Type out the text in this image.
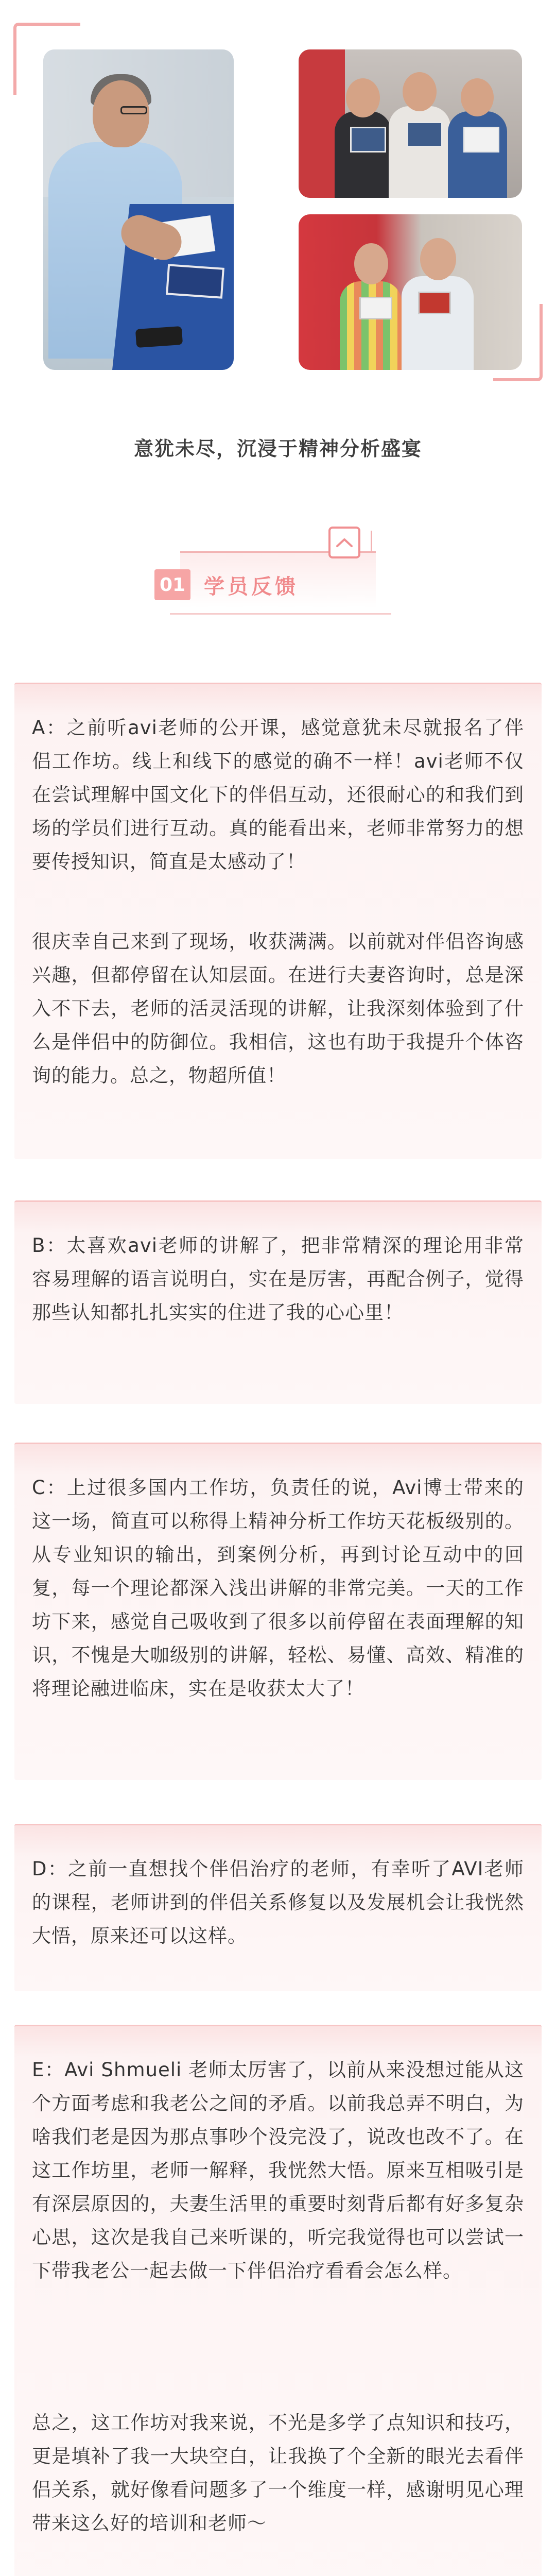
意犹未尽，沉浸于精神分析盛宴
01 学员反馈

A：之前听avi老师的公开课，感觉意犹未尽就报名了伴侣工作坊。线上和线下的感觉的确不一样！avi老师不仅在尝试理解中国文化下的伴侣互动，还很耐心的和我们到场的学员们进行互动。真的能看出来，老师非常努力的想要传授知识，简直是太感动了！

很庆幸自己来到了现场，收获满满。以前就对伴侣咨询感兴趣，但都停留在认知层面。在进行夫妻咨询时，总是深入不下去，老师的活灵活现的讲解，让我深刻体验到了什么是伴侣中的防御位。我相信，这也有助于我提升个体咨询的能力。总之，物超所值！

B：太喜欢avi老师的讲解了，把非常精深的理论用非常容易理解的语言说明白，实在是厉害，再配合例子，觉得那些认知都扎扎实实的住进了我的心心里！

C：上过很多国内工作坊，负责任的说，Avi博士带来的这一场，简直可以称得上精神分析工作坊天花板级别的。从专业知识的输出，到案例分析，再到讨论互动中的回复，每一个理论都深入浅出讲解的非常完美。一天的工作坊下来，感觉自己吸收到了很多以前停留在表面理解的知识，不愧是大咖级别的讲解，轻松、易懂、高效、精准的将理论融进临床，实在是收获太大了！

D：之前一直想找个伴侣治疗的老师，有幸听了AVI老师的课程，老师讲到的伴侣关系修复以及发展机会让我恍然大悟，原来还可以这样。

E：Avi Shmueli 老师太厉害了，以前从来没想过能从这个方面考虑和我老公之间的矛盾。以前我总弄不明白，为啥我们老是因为那点事吵个没完没了，说改也改不了。在这工作坊里，老师一解释，我恍然大悟。原来互相吸引是有深层原因的，夫妻生活里的重要时刻背后都有好多复杂心思，这次是我自己来听课的，听完我觉得也可以尝试一下带我老公一起去做一下伴侣治疗看看会怎么样。

总之，这工作坊对我来说，不光是多学了点知识和技巧，更是填补了我一大块空白，让我换了个全新的眼光去看伴侣关系，就好像看问题多了一个维度一样，感谢明见心理带来这么好的培训和老师～
